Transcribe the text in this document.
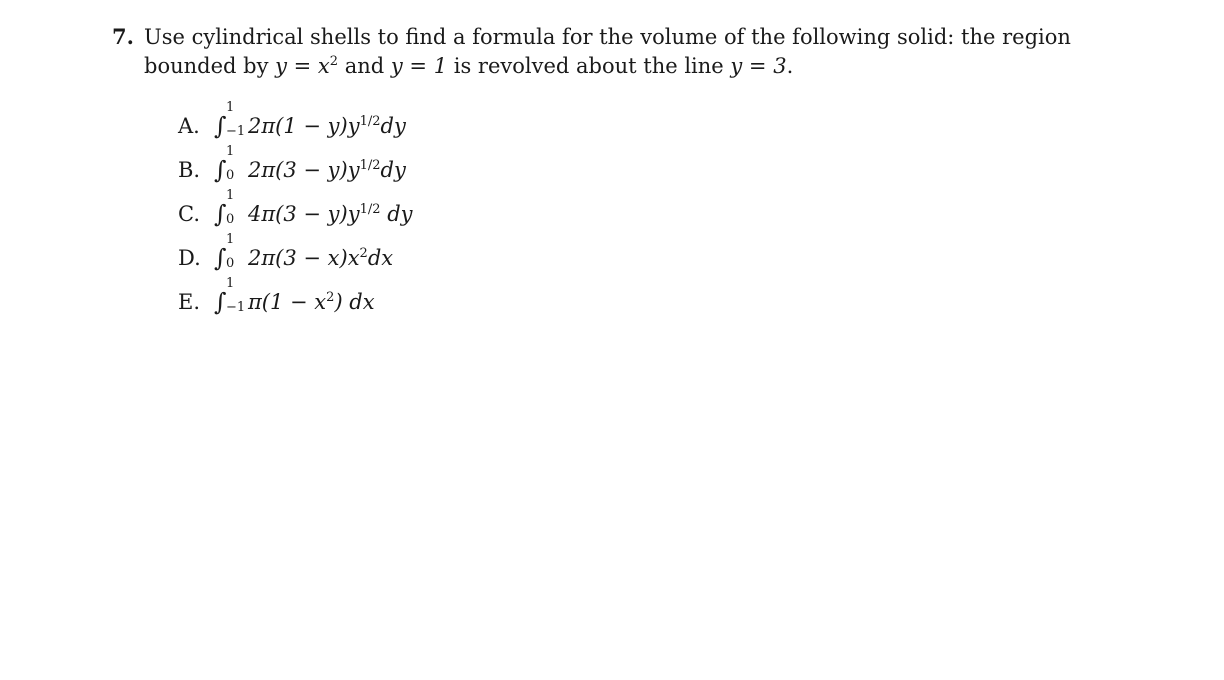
7. Use cylindrical shells to find a formula for the volume of the following solid: the region
bounded by $y = x^2$ and y = 1 is revolved about the line y = 3.
A. ∫
1
−1 $2\pi(1 - y)y^{1/2}dy$
B. ∫
1
0 $2\pi(3 - y)y^{1/2}dy$
C. ∫
1
0 $4\pi(3 - y)y^{1/2}$ dy
D. ∫
1
0 $2\pi(3 - x)x^2dx$
E. ∫
1
−1 $\pi(1 - x^2)$ dx
